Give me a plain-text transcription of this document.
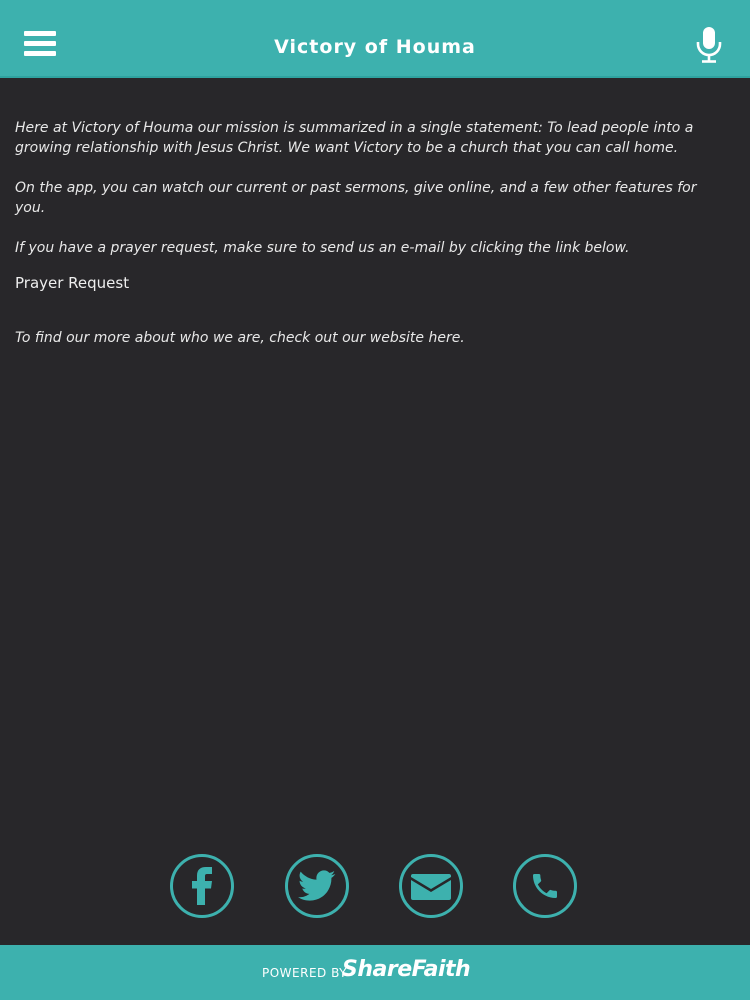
Victory of Houma

Here at Victory of Houma our mission is summarized in a single statement: To lead people into a growing relationship with Jesus Christ. We want Victory to be a church that you can call home.

On the app, you can watch our current or past sermons, give online, and a few other features for you.

If you have a prayer request, make sure to send us an e-mail by clicking the link below.

Prayer Request

To find our more about who we are, check out our website here.

POWERED BY
ShareFaith
